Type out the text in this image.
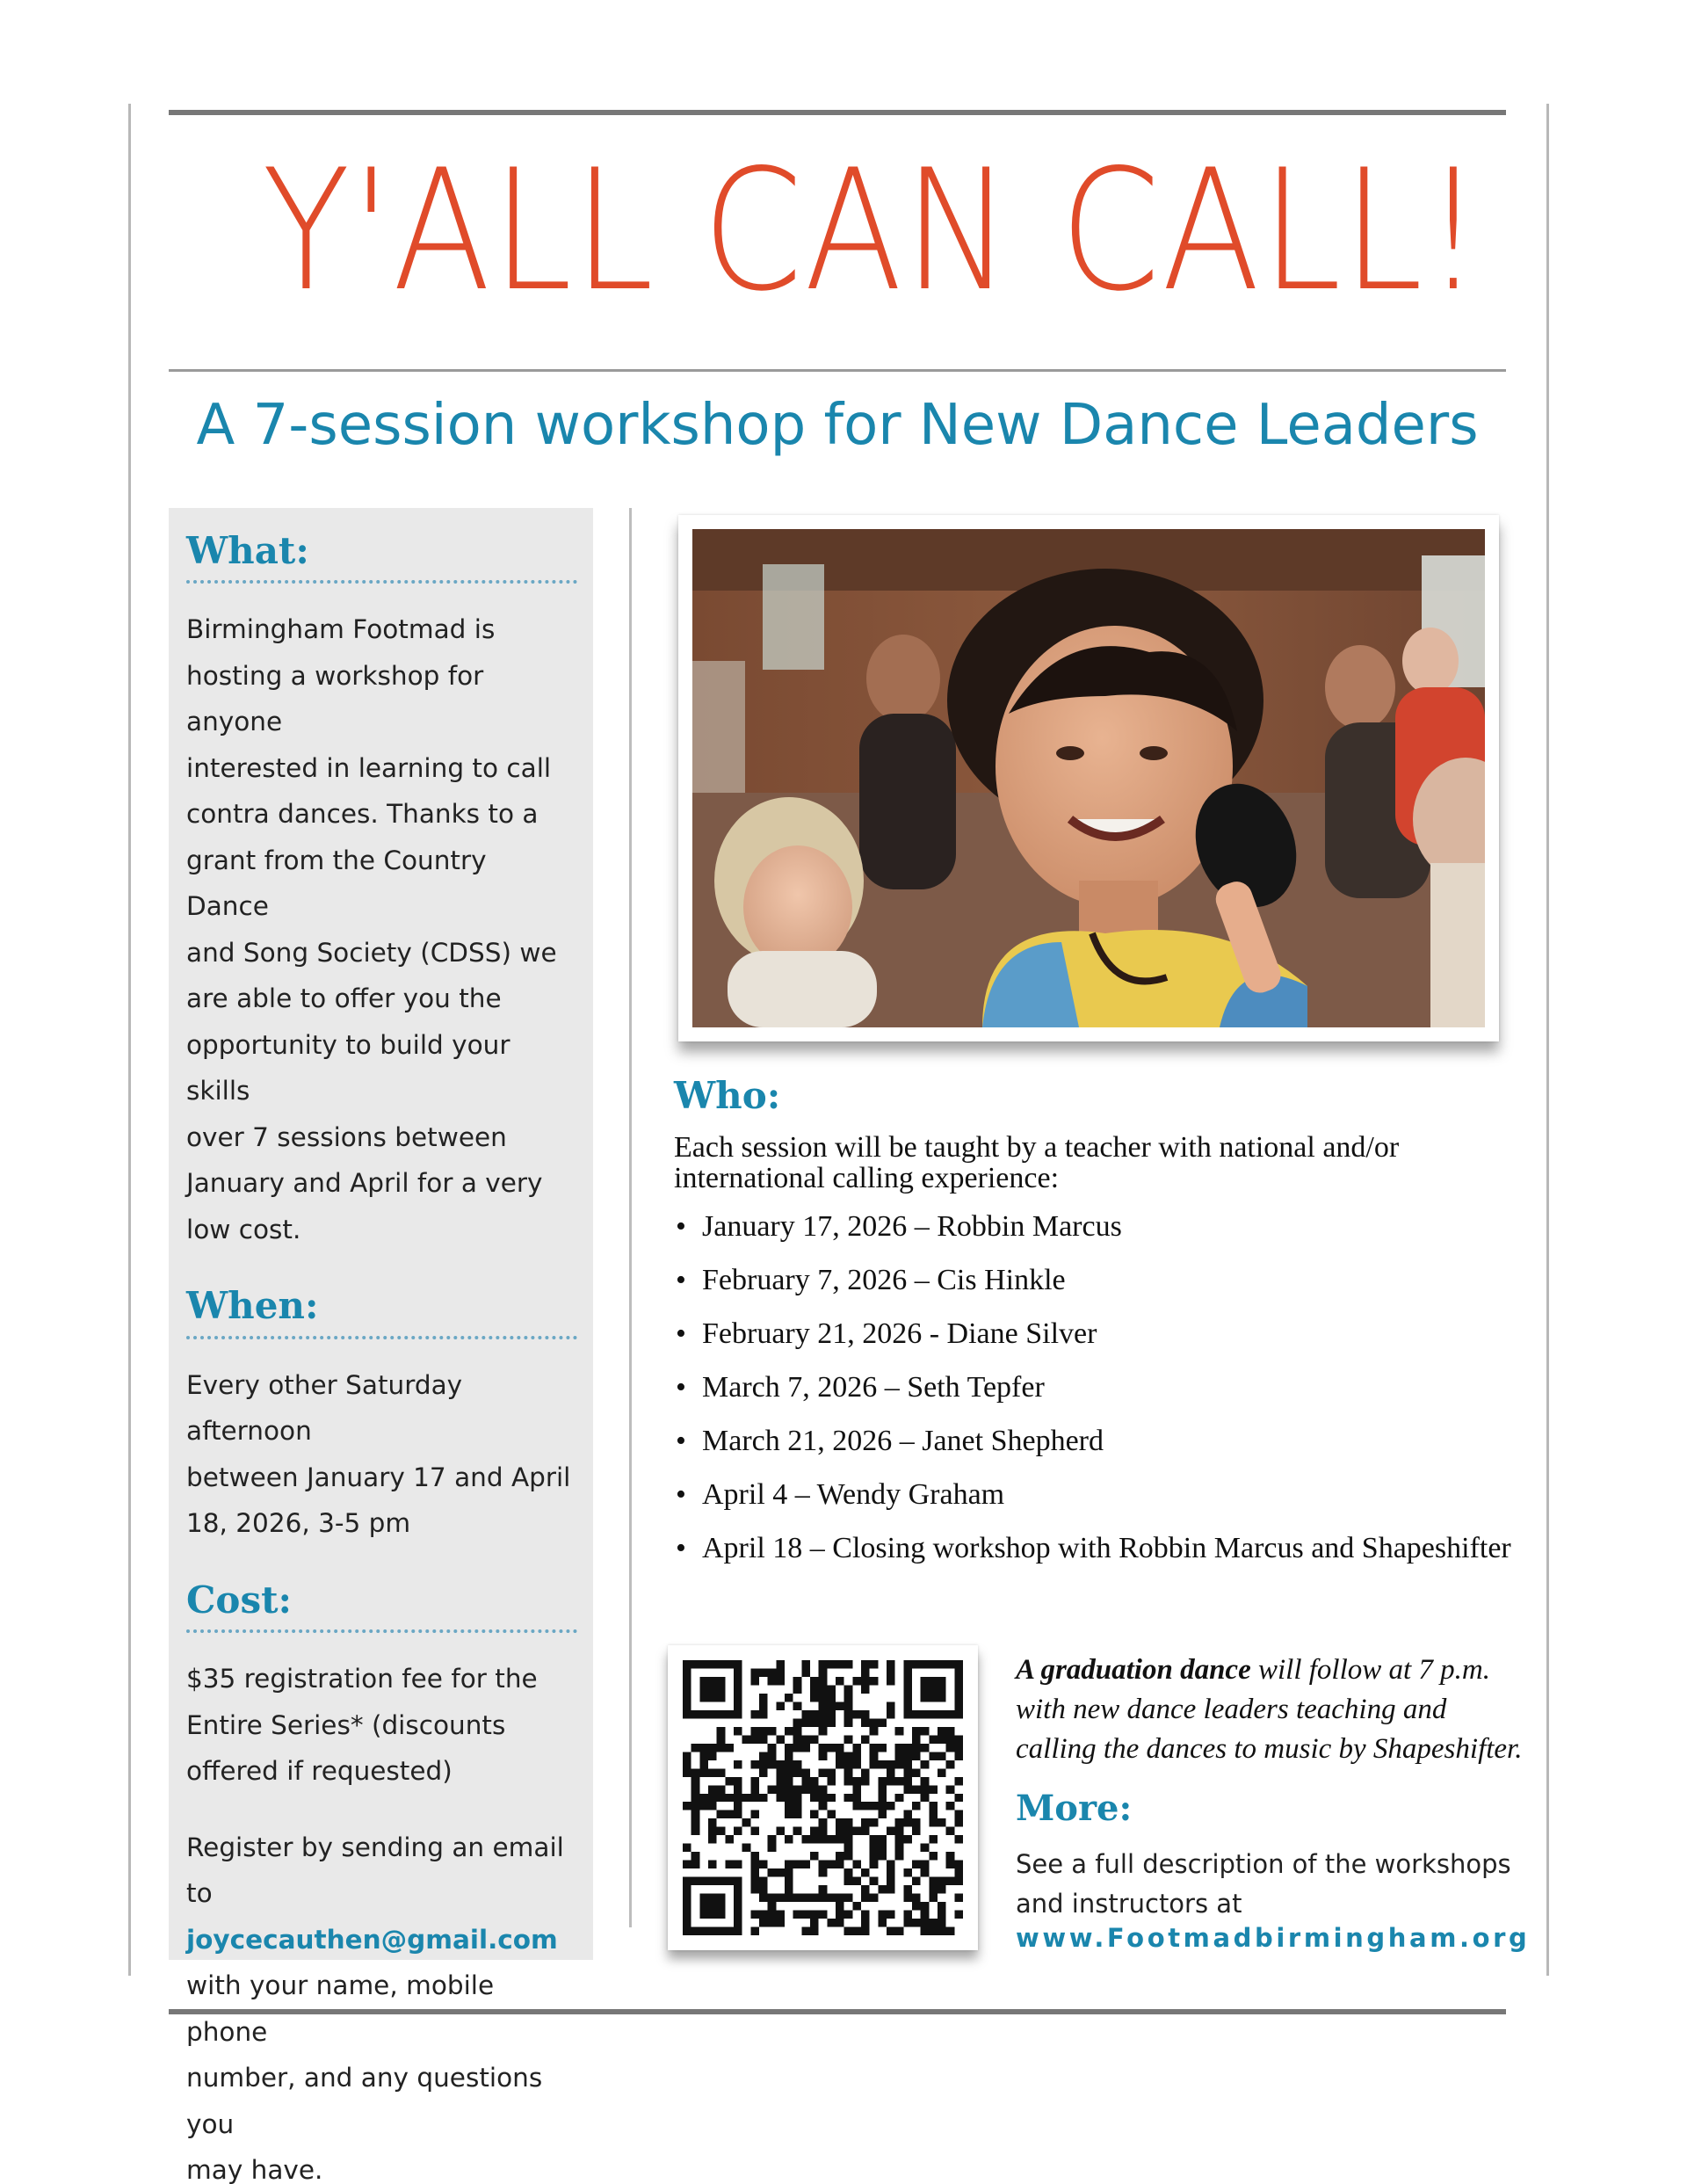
Y'ALL CAN CALL!
A 7-session workshop for New Dance Leaders
What:
Birmingham Footmad is
hosting a workshop for anyone
interested in learning to call
contra dances. Thanks to a
grant from the Country Dance
and Song Society (CDSS) we
are able to offer you the
opportunity to build your skills
over 7 sessions between
January and April for a very
low cost.
When:
Every other Saturday afternoon
between January 17 and April
18, 2026, 3-5 pm
Cost:
$35 registration fee for the
Entire Series* (discounts
offered if requested)
Register by sending an email
to joycecauthen@gmail.com
with your name, mobile phone
number, and any questions you
may have.
Who:
Each session will be taught by a teacher with national and/or
international calling experience:
• January 17, 2026 – Robbin Marcus
• February 7, 2026 – Cis Hinkle
• February 21, 2026 - Diane Silver
• March 7, 2026 – Seth Tepfer
• March 21, 2026 – Janet Shepherd
• April 4 – Wendy Graham
• April 18 – Closing workshop with Robbin Marcus and Shapeshifter
A graduation dance will follow at 7 p.m. with new dance leaders teaching and calling the dances to music by Shapeshifter.
More:
See a full description of the workshops
and instructors at
www.Footmadbirmingham.org
